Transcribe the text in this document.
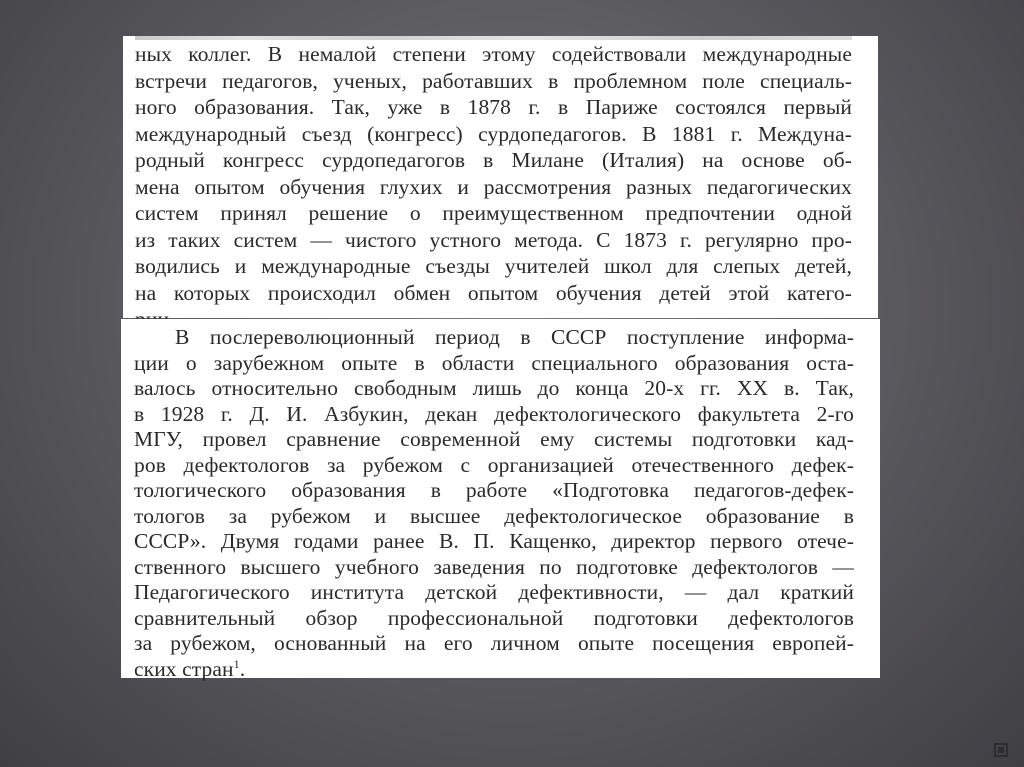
ных коллег. В немалой степени этому содействовали международные
встречи педагогов, ученых, работавших в проблемном поле специаль-
ного образования. Так, уже в 1878 г. в Париже состоялся первый
международный съезд (конгресс) сурдопедагогов. В 1881 г. Междуна-
родный конгресс сурдопедагогов в Милане (Италия) на основе об-
мена опытом обучения глухих и рассмотрения разных педагогических
систем принял решение о преимущественном предпочтении одной
из таких систем — чистого устного метода. С 1873 г. регулярно про-
водились и международные съезды учителей школ для слепых детей,
на которых происходил обмен опытом обучения детей этой катего-
В послереволюционный период в СССР поступление информа-
ции о зарубежном опыте в области специального образования оста-
валось относительно свободным лишь до конца 20-х гг. XX в. Так,
в 1928 г. Д. И. Азбукин, декан дефектологического факультета 2-го
МГУ, провел сравнение современной ему системы подготовки кад-
ров дефектологов за рубежом с организацией отечественного дефек-
тологического образования в работе «Подготовка педагогов-дефек-
тологов за рубежом и высшее дефектологическое образование в
СССР». Двумя годами ранее В. П. Кащенко, директор первого отече-
ственного высшего учебного заведения по подготовке дефектологов —
Педагогического института детской дефективности, — дал краткий
сравнительный обзор профессиональной подготовки дефектологов
за рубежом, основанный на его личном опыте посещения европей-
ских стран$^1$.
